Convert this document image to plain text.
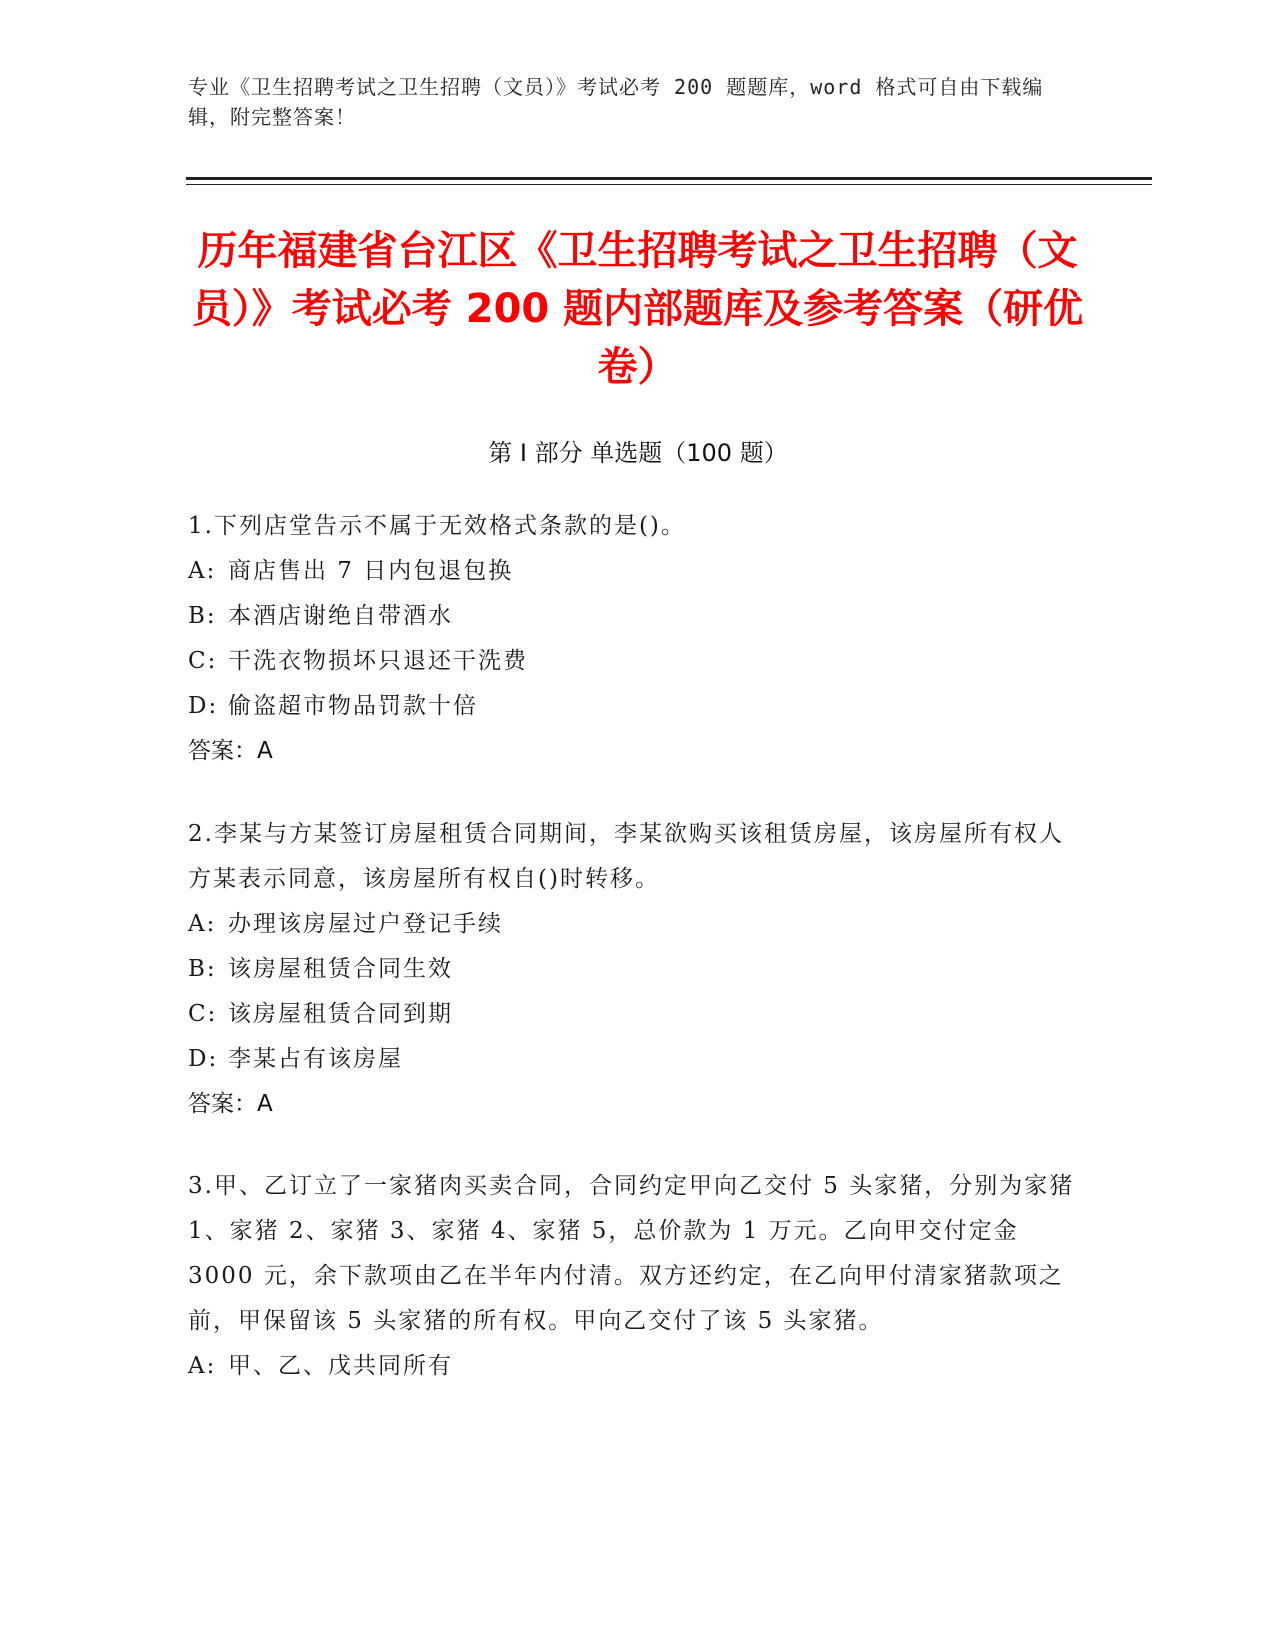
专业《卫生招聘考试之卫生招聘（文员）》考试必考 200 题题库，word 格式可自由下载编辑，附完整答案！
历年福建省台江区《卫生招聘考试之卫生招聘（文员）》考试必考 200 题内部题库及参考答案（研优卷）
第 I 部分 单选题（100 题）
1.下列店堂告示不属于无效格式条款的是()。
A: 商店售出 7 日内包退包换
B: 本酒店谢绝自带酒水
C: 干洗衣物损坏只退还干洗费
D: 偷盗超市物品罚款十倍
答案：A
2.李某与方某签订房屋租赁合同期间，李某欲购买该租赁房屋，该房屋所有权人方某表示同意，该房屋所有权自()时转移。
A: 办理该房屋过户登记手续
B: 该房屋租赁合同生效
C: 该房屋租赁合同到期
D: 李某占有该房屋
答案：A
3.甲、乙订立了一家猪肉买卖合同，合同约定甲向乙交付 5 头家猪，分别为家猪 1、家猪 2、家猪 3、家猪 4、家猪 5，总价款为 1 万元。乙向甲交付定金 3000 元，余下款项由乙在半年内付清。双方还约定，在乙向甲付清家猪款项之前，甲保留该 5 头家猪的所有权。甲向乙交付了该 5 头家猪。
A: 甲、乙、戊共同所有
